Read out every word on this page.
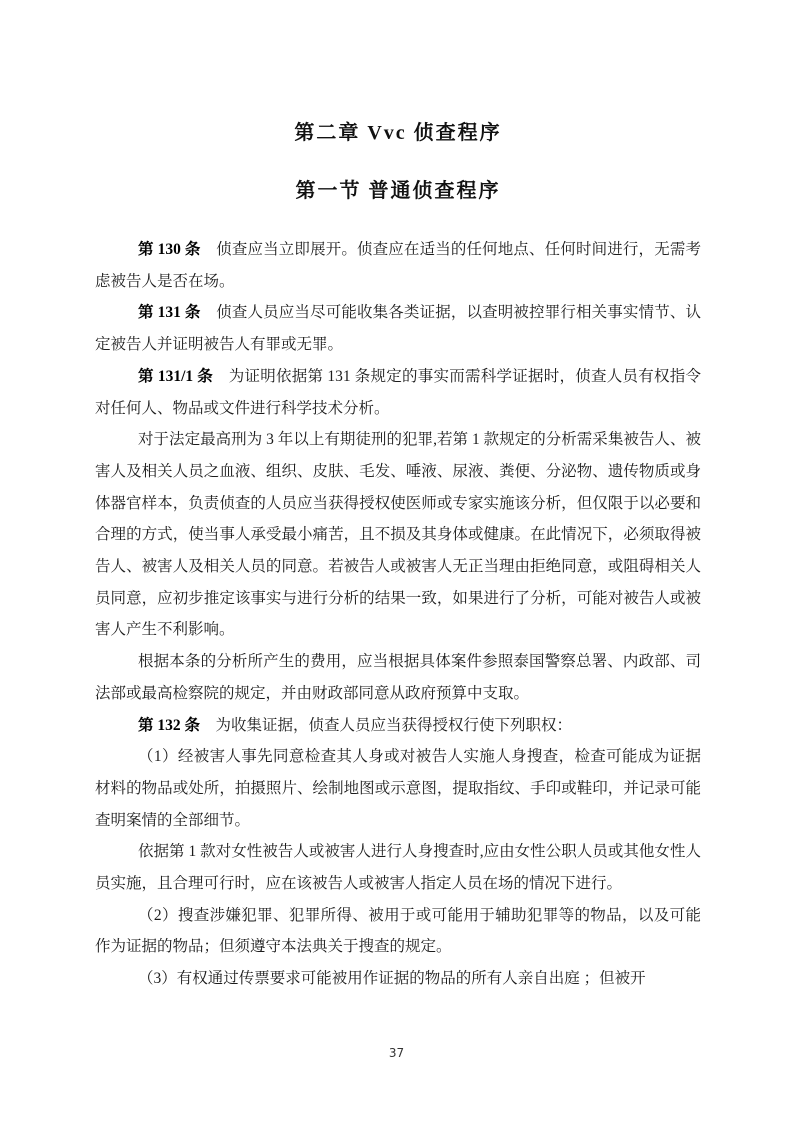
第二章 Vvc 侦查程序
第一节 普通侦查程序

第 130 条　侦查应当立即展开。侦查应在适当的任何地点、任何时间进行，无需考虑被告人是否在场。

第 131 条　侦查人员应当尽可能收集各类证据，以查明被控罪行相关事实情节、认定被告人并证明被告人有罪或无罪。

第 131/1 条　为证明依据第 131 条规定的事实而需科学证据时，侦查人员有权指令对任何人、物品或文件进行科学技术分析。

对于法定最高刑为 3 年以上有期徒刑的犯罪,若第 1 款规定的分析需采集被告人、被害人及相关人员之血液、组织、皮肤、毛发、唾液、尿液、粪便、分泌物、遗传物质或身体器官样本，负责侦查的人员应当获得授权使医师或专家实施该分析，但仅限于以必要和合理的方式，使当事人承受最小痛苦，且不损及其身体或健康。在此情况下，必须取得被告人、被害人及相关人员的同意。若被告人或被害人无正当理由拒绝同意，或阻碍相关人员同意，应初步推定该事实与进行分析的结果一致，如果进行了分析，可能对被告人或被害人产生不利影响。

根据本条的分析所产生的费用，应当根据具体案件参照泰国警察总署、内政部、司法部或最高检察院的规定，并由财政部同意从政府预算中支取。

第 132 条　为收集证据，侦查人员应当获得授权行使下列职权：

（1）经被害人事先同意检查其人身或对被告人实施人身搜查，检查可能成为证据材料的物品或处所，拍摄照片、绘制地图或示意图，提取指纹、手印或鞋印，并记录可能查明案情的全部细节。

依据第 1 款对女性被告人或被害人进行人身搜查时,应由女性公职人员或其他女性人员实施，且合理可行时，应在该被告人或被害人指定人员在场的情况下进行。

（2）搜查涉嫌犯罪、犯罪所得、被用于或可能用于辅助犯罪等的物品，以及可能作为证据的物品；但须遵守本法典关于搜查的规定。

（3）有权通过传票要求可能被用作证据的物品的所有人亲自出庭 ；但被开

37
